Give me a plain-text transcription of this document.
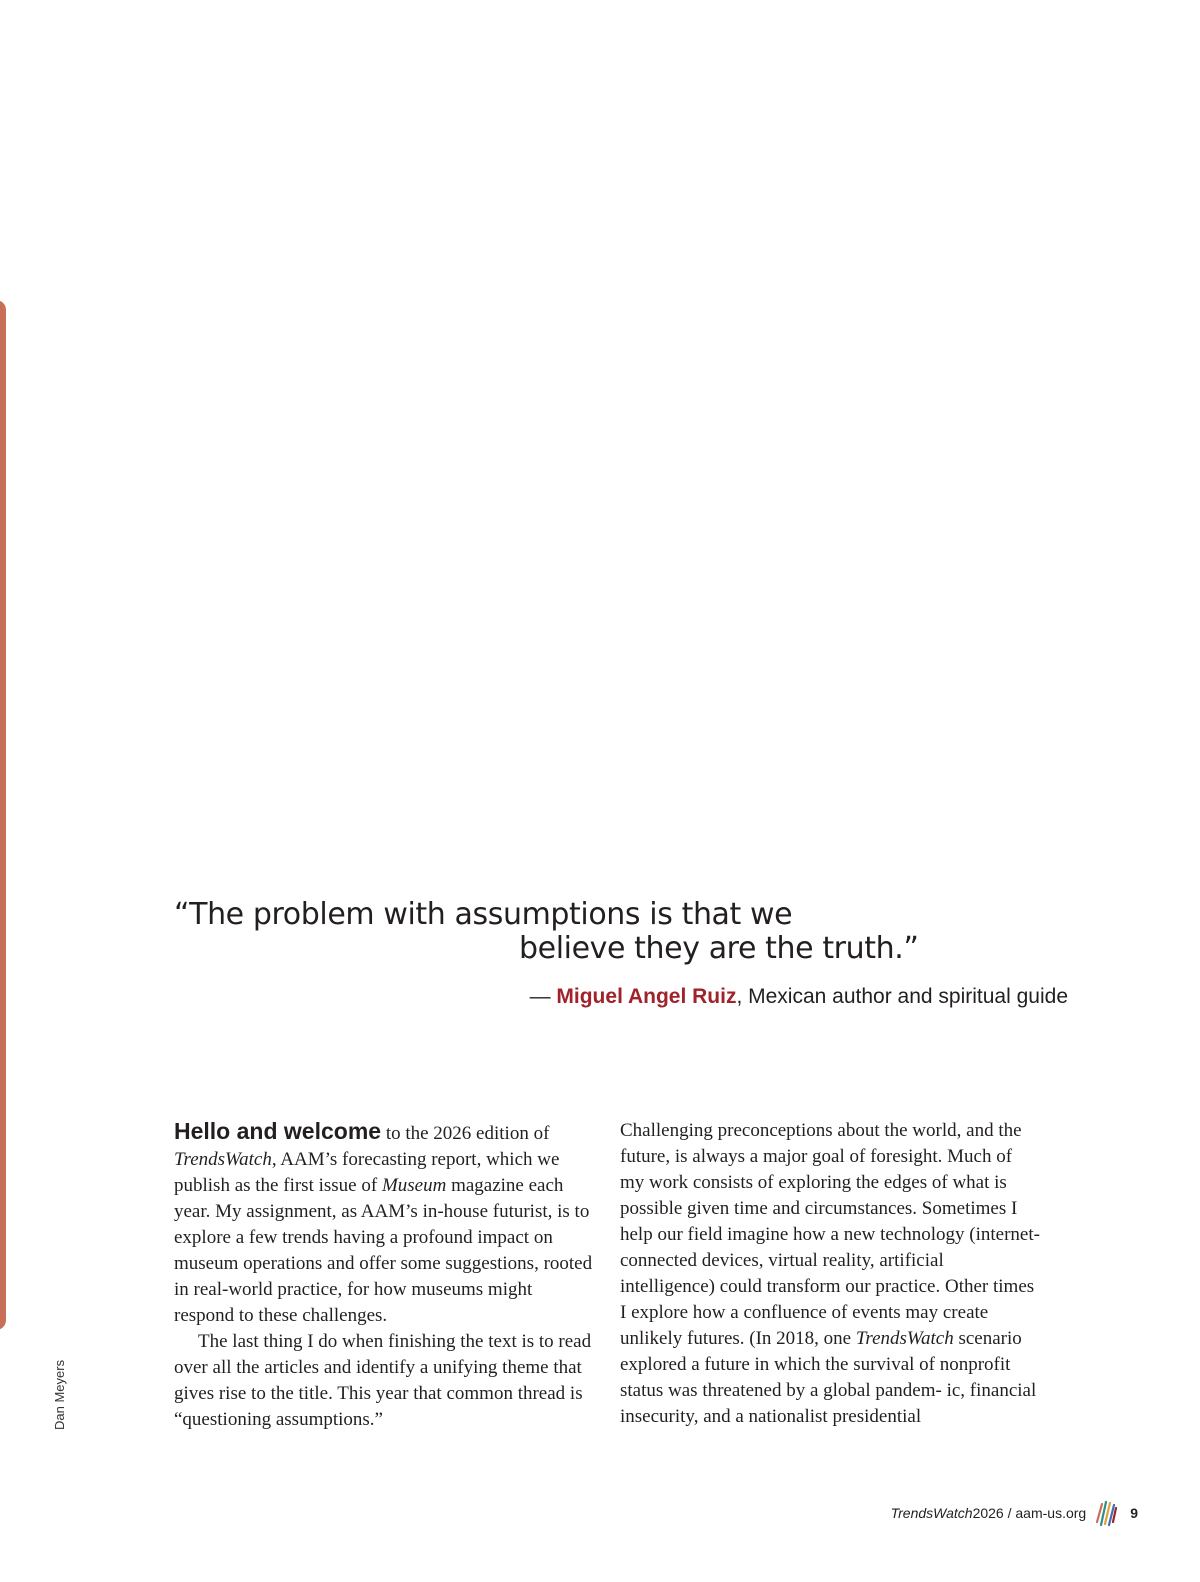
Dan Meyers
“The problem with assumptions is that we
believe they are the truth.”
— Miguel Angel Ruiz, Mexican author and spiritual guide

Hello and welcome to the 2026 edition of TrendsWatch, AAM’s forecasting report, which we publish as the first issue of Museum magazine each year. My assignment, as AAM’s in-house futurist, is to explore a few trends having a profound impact on museum operations and offer some suggestions, rooted in real-world practice, for how museums might respond to these challenges.

The last thing I do when finishing the text is to read over all the articles and identify a unifying theme that gives rise to the title. This year that common thread is “questioning assumptions.”

Challenging preconceptions about the world, and the future, is always a major goal of foresight. Much of my work consists of exploring the edges of what is possible given time and circumstances. Sometimes I help our field imagine how a new technology (internet-connected devices, virtual reality, artificial intelligence) could transform our practice. Other times I explore how a confluence of events may create unlikely futures. (In 2018, one TrendsWatch scenario explored a future in which the survival of nonprofit status was threatened by a global pandem- ic, financial insecurity, and a nationalist presidential

TrendsWatch 2026 / aam-us.org	9
